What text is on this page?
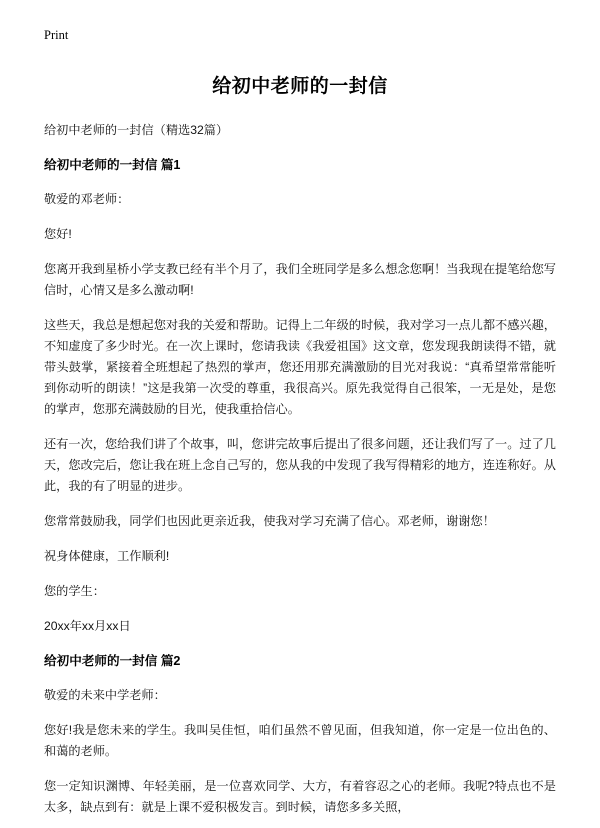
Print
给初中老师的一封信

给初中老师的一封信（精选32篇）

给初中老师的一封信 篇1

敬爱的邓老师：

您好!

您离开我到星桥小学支教已经有半个月了，我们全班同学是多么想念您啊！当我现在提笔给您写信时，心情又是多么激动啊!

这些天，我总是想起您对我的关爱和帮助。记得上二年级的时候，我对学习一点儿都不感兴趣，不知虚度了多少时光。在一次上课时，您请我读《我爱祖国》这文章，您发现我朗读得不错，就带头鼓掌，紧接着全班想起了热烈的掌声，您还用那充满激励的目光对我说：“真希望常常能听到你动听的朗读！”这是我第一次受的尊重，我很高兴。原先我觉得自己很笨，一无是处，是您的掌声，您那充满鼓励的目光，使我重拾信心。

还有一次，您给我们讲了个故事，叫，您讲完故事后提出了很多问题，还让我们写了一。过了几天，您改完后，您让我在班上念自己写的，您从我的中发现了我写得精彩的地方，连连称好。从此，我的有了明显的进步。

您常常鼓励我，同学们也因此更亲近我，使我对学习充满了信心。邓老师，谢谢您！

祝身体健康，工作顺利!

您的学生：

20xx年xx月xx日

给初中老师的一封信 篇2

敬爱的未来中学老师：

您好!我是您未来的学生。我叫吴佳恒，咱们虽然不曾见面，但我知道，你一定是一位出色的、和蔼的老师。

您一定知识渊博、年轻美丽，是一位喜欢同学、大方，有着容忍之心的老师。我呢?特点也不是太多，缺点到有：就是上课不爱积极发言。到时候，请您多多关照，
